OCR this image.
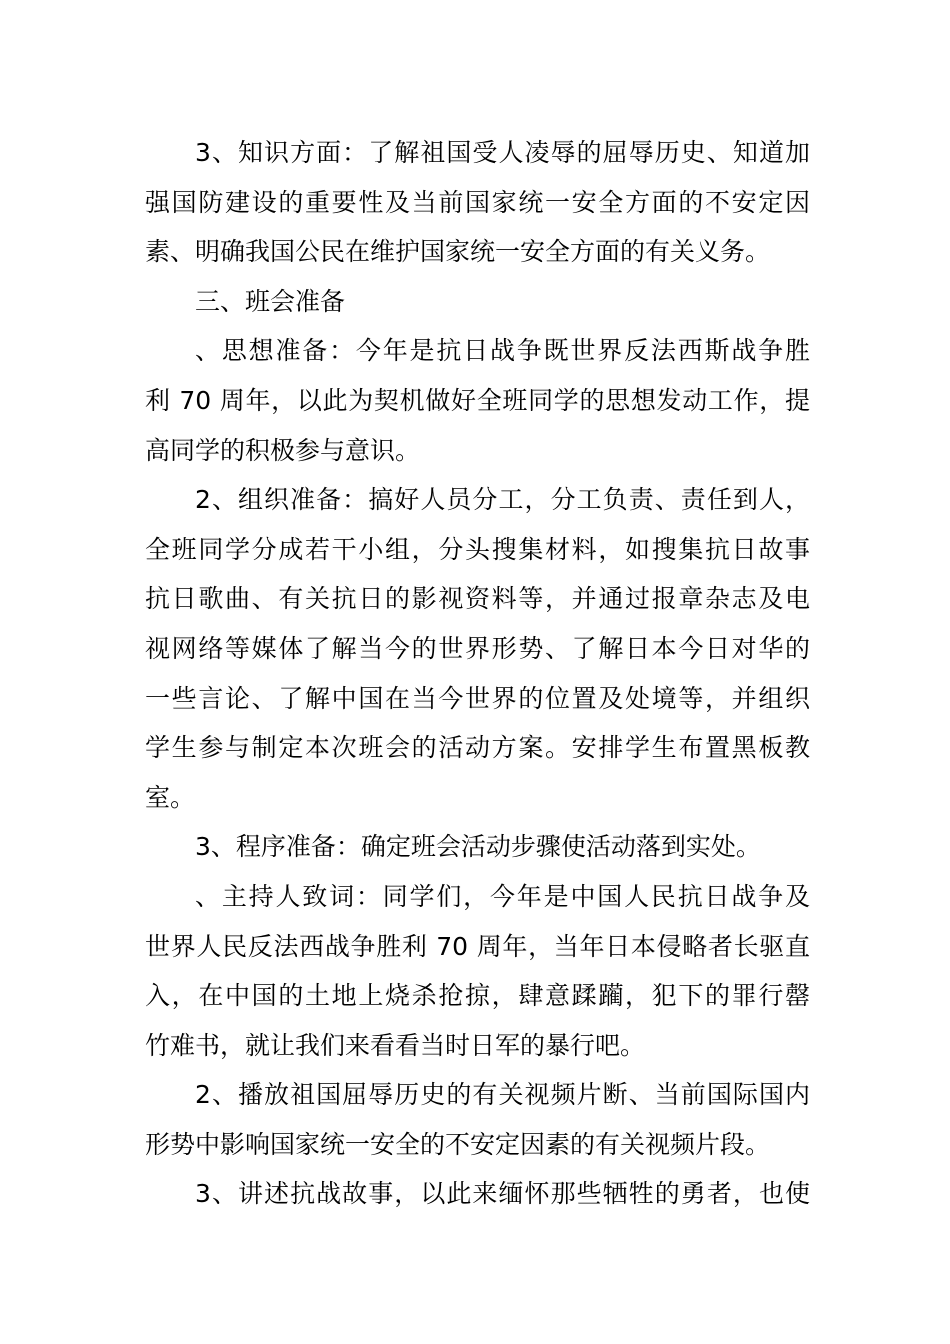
3、知识方面：了解祖国受人凌辱的屈辱历史、知道加
强国防建设的重要性及当前国家统一安全方面的不安定因
素、明确我国公民在维护国家统一安全方面的有关义务。
三、班会准备
、思想准备：今年是抗日战争既世界反法西斯战争胜
利 70 周年，以此为契机做好全班同学的思想发动工作，提
高同学的积极参与意识。
2、组织准备：搞好人员分工，分工负责、责任到人，
全班同学分成若干小组，分头搜集材料，如搜集抗日故事
抗日歌曲、有关抗日的影视资料等，并通过报章杂志及电
视网络等媒体了解当今的世界形势、了解日本今日对华的
一些言论、了解中国在当今世界的位置及处境等，并组织
学生参与制定本次班会的活动方案。安排学生布置黑板教
室。
3、程序准备：确定班会活动步骤使活动落到实处。
、主持人致词：同学们，今年是中国人民抗日战争及
世界人民反法西战争胜利 70 周年，当年日本侵略者长驱直
入，在中国的土地上烧杀抢掠，肆意蹂躏，犯下的罪行罄
竹难书，就让我们来看看当时日军的暴行吧。
2、播放祖国屈辱历史的有关视频片断、当前国际国内
形势中影响国家统一安全的不安定因素的有关视频片段。
3、讲述抗战故事，以此来缅怀那些牺牲的勇者，也使
